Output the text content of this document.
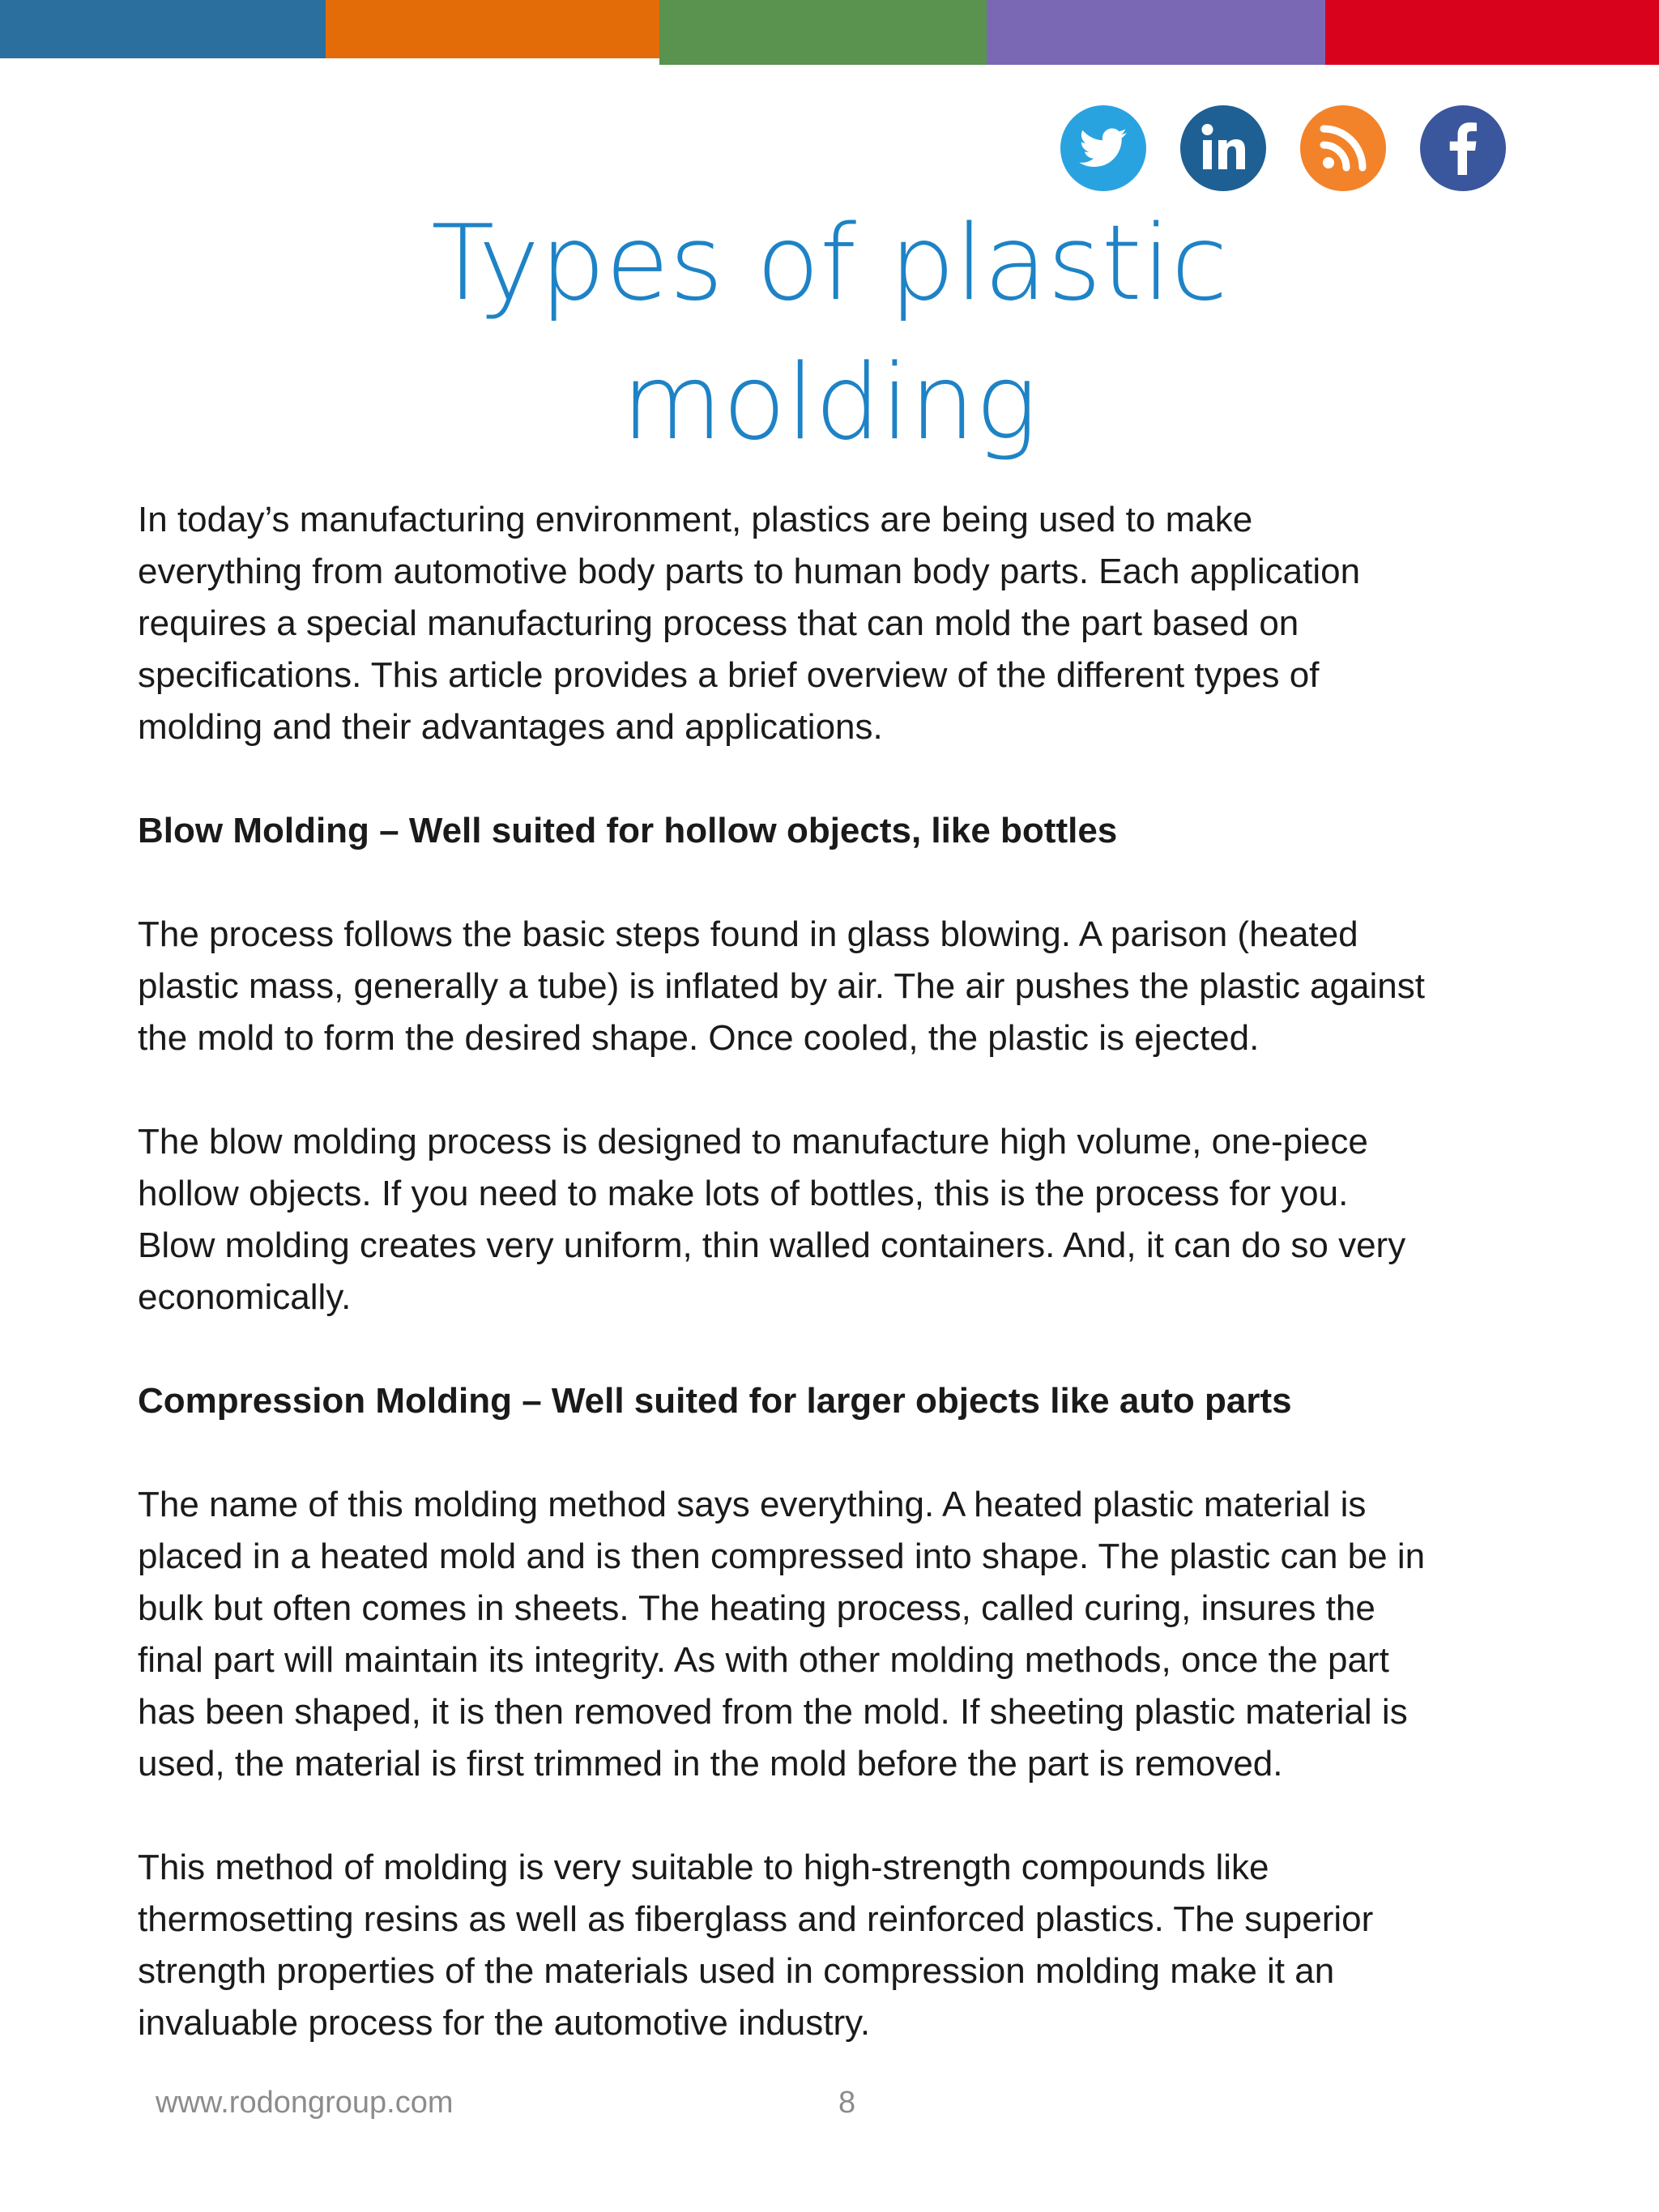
Types of plastic
molding

In today’s manufacturing environment, plastics are being used to make
everything from automotive body parts to human body parts. Each application
requires a special manufacturing process that can mold the part based on
specifications. This article provides a brief overview of the different types of
molding and their advantages and applications.

Blow Molding – Well suited for hollow objects, like bottles

The process follows the basic steps found in glass blowing. A parison (heated
plastic mass, generally a tube) is inflated by air. The air pushes the plastic against
the mold to form the desired shape. Once cooled, the plastic is ejected.

The blow molding process is designed to manufacture high volume, one-piece
hollow objects. If you need to make lots of bottles, this is the process for you.
Blow molding creates very uniform, thin walled containers. And, it can do so very
economically.

Compression Molding – Well suited for larger objects like auto parts

The name of this molding method says everything. A heated plastic material is
placed in a heated mold and is then compressed into shape. The plastic can be in
bulk but often comes in sheets. The heating process, called curing, insures the
final part will maintain its integrity. As with other molding methods, once the part
has been shaped, it is then removed from the mold. If sheeting plastic material is
used, the material is first trimmed in the mold before the part is removed.

This method of molding is very suitable to high-strength compounds like
thermosetting resins as well as fiberglass and reinforced plastics. The superior
strength properties of the materials used in compression molding make it an
invaluable process for the automotive industry.

www.rodongroup.com	8
